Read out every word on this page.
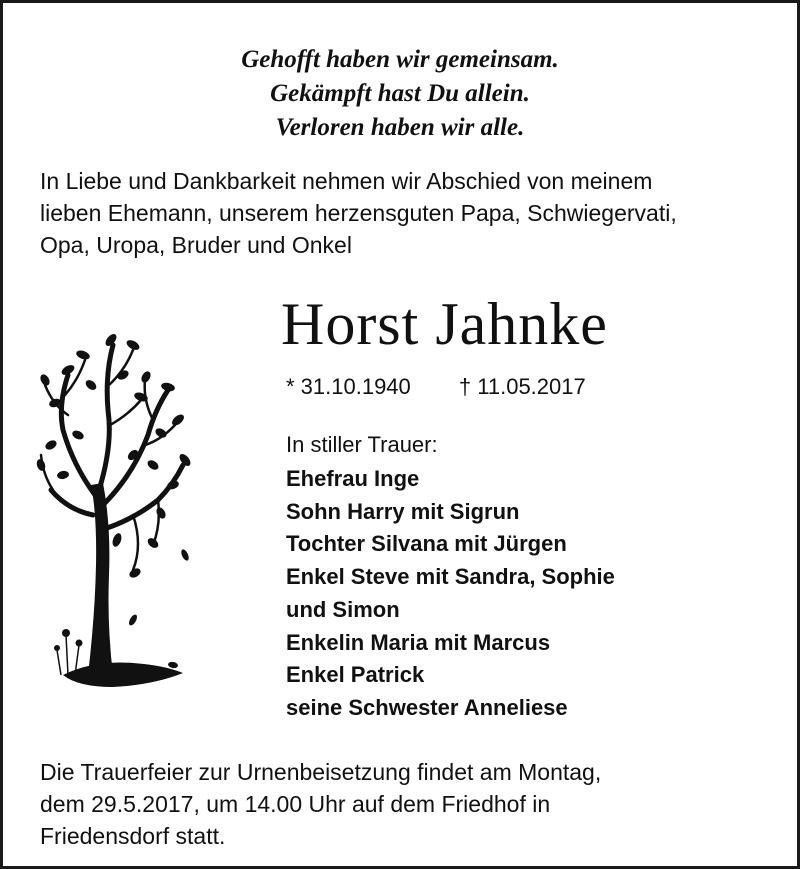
Gehofft haben wir gemeinsam.
Gekämpft hast Du allein.
Verloren haben wir alle.
In Liebe und Dankbarkeit nehmen wir Abschied von meinem
lieben Ehemann, unserem herzensguten Papa, Schwiegervati,
Opa, Uropa, Bruder und Onkel
Horst Jahnke
* 31.10.1940 † 11.05.2017
In stiller Trauer:
Ehefrau Inge
Sohn Harry mit Sigrun
Tochter Silvana mit Jürgen
Enkel Steve mit Sandra, Sophie
und Simon
Enkelin Maria mit Marcus
Enkel Patrick
seine Schwester Anneliese
Die Trauerfeier zur Urnenbeisetzung findet am Montag,
dem 29.5.2017, um 14.00 Uhr auf dem Friedhof in
Friedensdorf statt.
